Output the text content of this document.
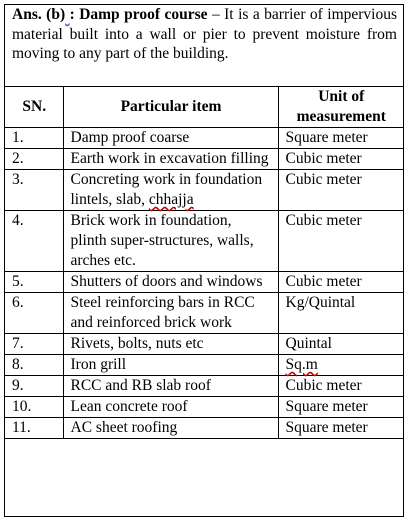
Ans. (b) : Damp proof course – It is a barrier of impervious material built into a wall or pier to prevent moisture from moving to any part of the building.
SN.	Particular item	Unit of measurement
1.	Damp proof coarse	Square meter
2.	Earth work in excavation filling	Cubic meter
3.	Concreting work in foundation lintels, slab, chhajja	Cubic meter
4.	Brick work in foundation, plinth super-structures, walls, arches etc.	Cubic meter
5.	Shutters of doors and windows	Cubic meter
6.	Steel reinforcing bars in RCC and reinforced brick work	Kg/Quintal
7.	Rivets, bolts, nuts etc	Quintal
8.	Iron grill	Sq.m
9.	RCC and RB slab roof	Cubic meter
10.	Lean concrete roof	Square meter
11.	AC sheet roofing	Square meter
